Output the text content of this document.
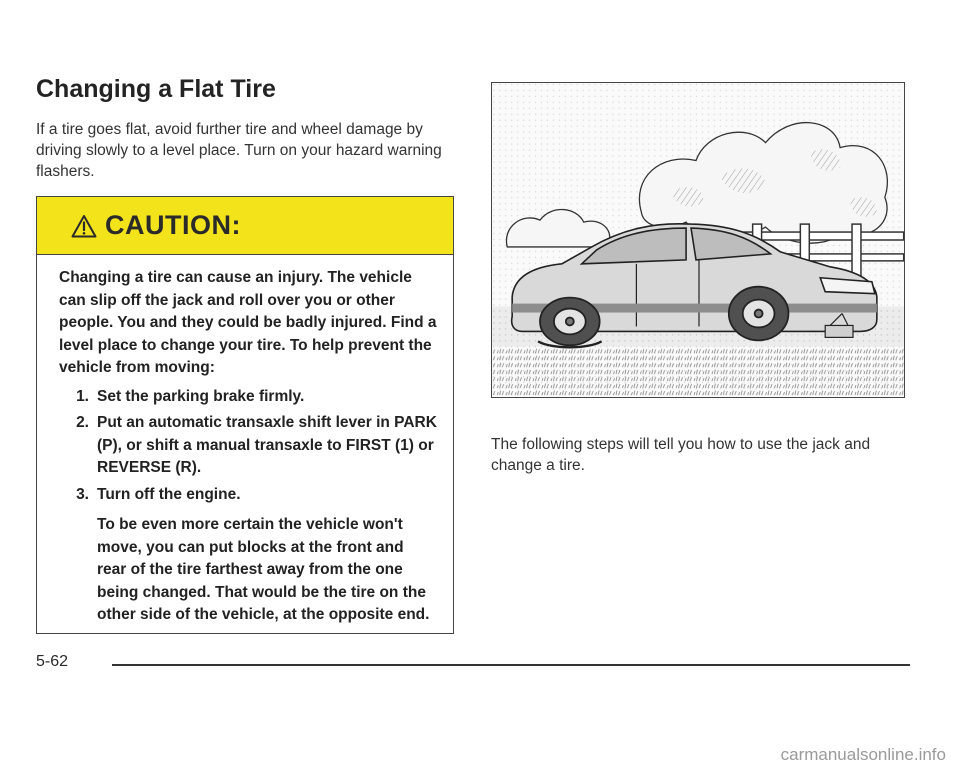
Changing a Flat Tire
If a tire goes flat, avoid further tire and wheel damage by driving slowly to a level place. Turn on your hazard warning flashers.
CAUTION:
Changing a tire can cause an injury. The vehicle can slip off the jack and roll over you or other people. You and they could be badly injured. Find a level place to change your tire. To help prevent the vehicle from moving:
1. Set the parking brake firmly.
2. Put an automatic transaxle shift lever in PARK (P), or shift a manual transaxle to FIRST (1) or REVERSE (R).
3. Turn off the engine.
To be even more certain the vehicle won't move, you can put blocks at the front and rear of the tire farthest away from the one being changed. That would be the tire on the other side of the vehicle, at the opposite end.
The following steps will tell you how to use the jack and change a tire.
5-62
carmanualsonline.info
